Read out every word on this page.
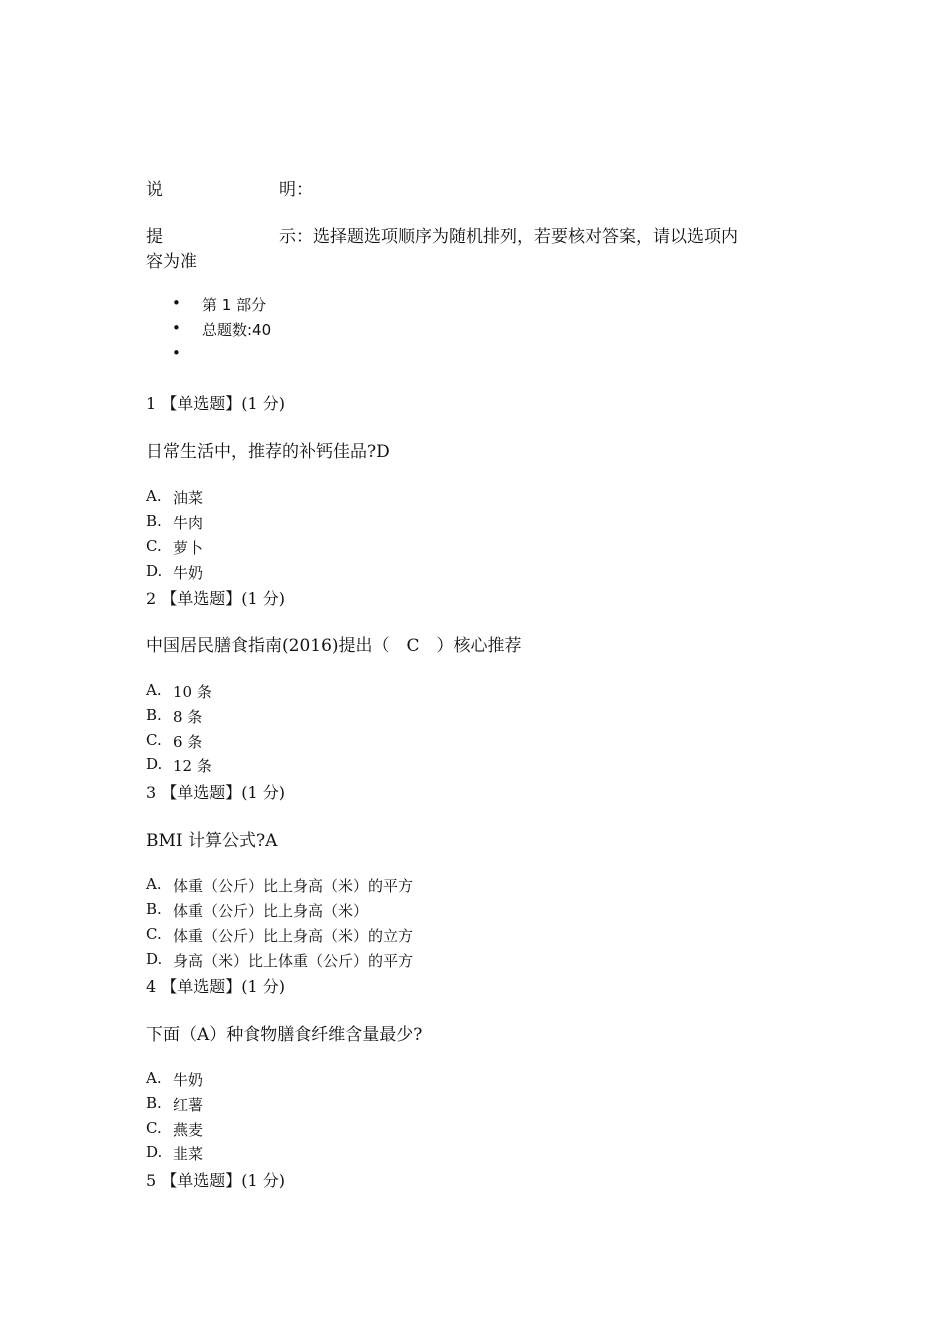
说	明：
提	示：选择题选项顺序为随机排列，若要核对答案，请以选项内
容为准
• 第 1 部分
• 总题数:40
•
1 【单选题】(1 分)
日常生活中，推荐的补钙佳品?D
A. 油菜
B. 牛肉
C. 萝卜
D. 牛奶
2 【单选题】(1 分)
中国居民膳食指南(2016)提出（　C　）核心推荐
A. 10 条
B. 8 条
C. 6 条
D. 12 条
3 【单选题】(1 分)
BMI 计算公式?A
A. 体重（公斤）比上身高（米）的平方
B. 体重（公斤）比上身高（米）
C. 体重（公斤）比上身高（米）的立方
D. 身高（米）比上体重（公斤）的平方
4 【单选题】(1 分)
下面（A）种食物膳食纤维含量最少?
A. 牛奶
B. 红薯
C. 燕麦
D. 韭菜
5 【单选题】(1 分)
